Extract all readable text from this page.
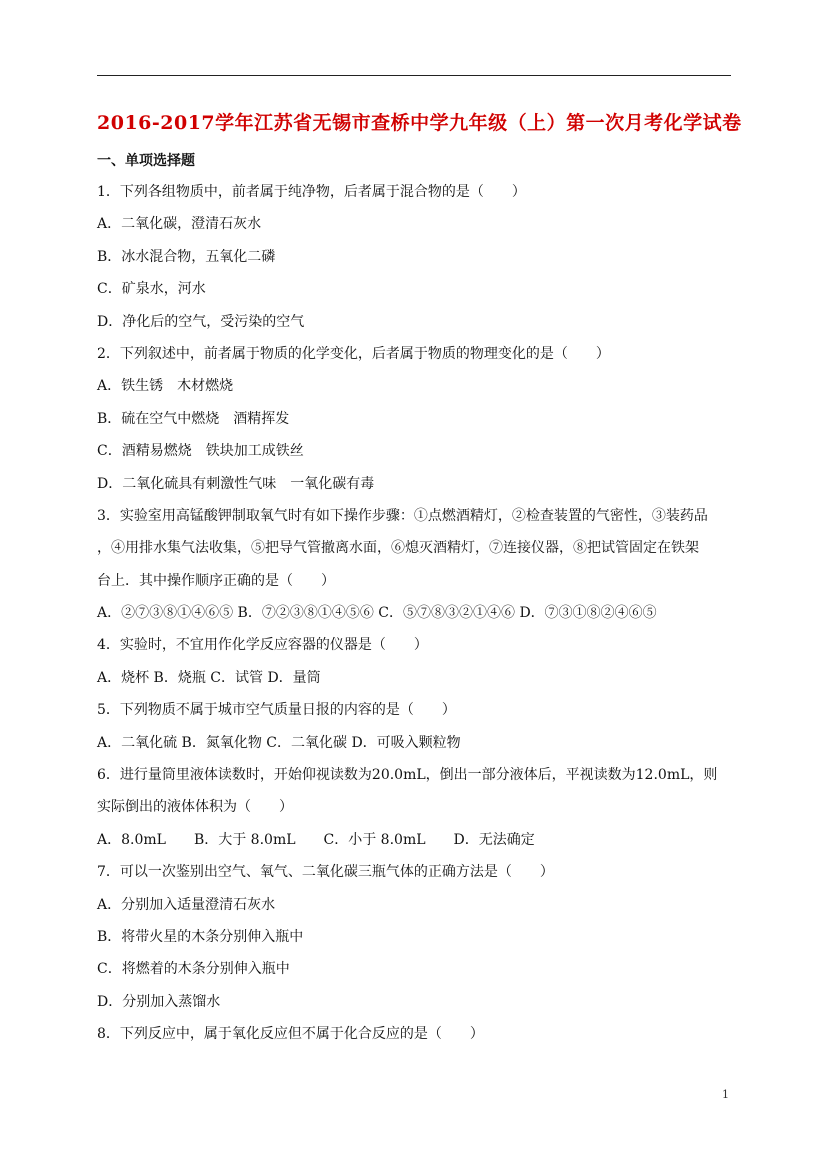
2016-2017学年江苏省无锡市查桥中学九年级（上）第一次月考化学试卷
一、单项选择题
1．下列各组物质中，前者属于纯净物，后者属于混合物的是（　　）
A．二氧化碳，澄清石灰水
B．冰水混合物，五氧化二磷
C．矿泉水，河水
D．净化后的空气，受污染的空气
2．下列叙述中，前者属于物质的化学变化，后者属于物质的物理变化的是（　　）
A．铁生锈　木材燃烧
B．硫在空气中燃烧　酒精挥发
C．酒精易燃烧　铁块加工成铁丝
D．二氧化硫具有刺激性气味　一氧化碳有毒
3．实验室用高锰酸钾制取氧气时有如下操作步骤：①点燃酒精灯，②检查装置的气密性，③装药品
，④用排水集气法收集，⑤把导气管撤离水面，⑥熄灭酒精灯，⑦连接仪器，⑧把试管固定在铁架
台上．其中操作顺序正确的是（　　）
A．②⑦③⑧①④⑥⑤ B．⑦②③⑧①④⑤⑥ C．⑤⑦⑧③②①④⑥ D．⑦③①⑧②④⑥⑤
4．实验时，不宜用作化学反应容器的仪器是（　　）
A．烧杯 B．烧瓶 C．试管 D．量筒
5．下列物质不属于城市空气质量日报的内容的是（　　）
A．二氧化硫 B．氮氧化物 C．二氧化碳 D．可吸入颗粒物
6．进行量筒里液体读数时，开始仰视读数为20.0mL，倒出一部分液体后，平视读数为12.0mL，则
实际倒出的液体体积为（　　）
A．8.0mL　　B．大于 8.0mL　　C．小于 8.0mL　　D．无法确定
7．可以一次鉴别出空气、氧气、二氧化碳三瓶气体的正确方法是（　　）
A．分别加入适量澄清石灰水
B．将带火星的木条分别伸入瓶中
C．将燃着的木条分别伸入瓶中
D．分别加入蒸馏水
8．下列反应中，属于氧化反应但不属于化合反应的是（　　）
1
